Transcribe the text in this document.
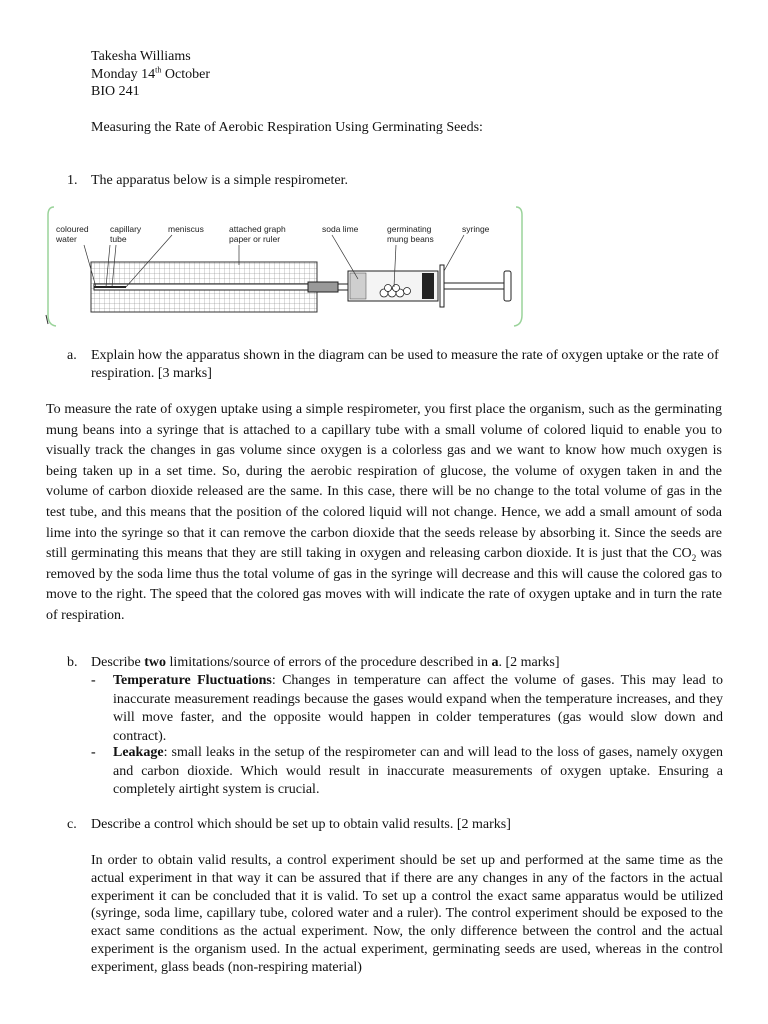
Takesha Williams
Monday 14th October
BIO 241
Measuring the Rate of Aerobic Respiration Using Germinating Seeds:
1. The apparatus below is a simple respirometer.
coloured
water
capillary
tube
meniscus	attached graph
paper or ruler
soda lime	germinating
mung beans
syringe
a. Explain how the apparatus shown in the diagram can be used to measure the rate of oxygen uptake or the rate of respiration. [3 marks]
To measure the rate of oxygen uptake using a simple respirometer, you first place the organism, such as the germinating mung beans into a syringe that is attached to a capillary tube with a small volume of colored liquid to enable you to visually track the changes in gas volume since oxygen is a colorless gas and we want to know how much oxygen is being taken up in a set time. So, during the aerobic respiration of glucose, the volume of oxygen taken in and the volume of carbon dioxide released are the same. In this case, there will be no change to the total volume of gas in the test tube, and this means that the position of the colored liquid will not change. Hence, we add a small amount of soda lime into the syringe so that it can remove the carbon dioxide that the seeds release by absorbing it. Since the seeds are still germinating this means that they are still taking in oxygen and releasing carbon dioxide. It is just that the $CO_2$ was removed by the soda lime thus the total volume of gas in the syringe will decrease and this will cause the colored gas to move to the right. The speed that the colored gas moves with will indicate the rate of oxygen uptake and in turn the rate of respiration.
b. Describe two limitations/source of errors of the procedure described in a. [2 marks]
- Temperature Fluctuations: Changes in temperature can affect the volume of gases. This may lead to inaccurate measurement readings because the gases would expand when the temperature increases, and they will move faster, and the opposite would happen in colder temperatures (gas would slow down and contract).
- Leakage: small leaks in the setup of the respirometer can and will lead to the loss of gases, namely oxygen and carbon dioxide. Which would result in inaccurate measurements of oxygen uptake. Ensuring a completely airtight system is crucial.
c. Describe a control which should be set up to obtain valid results. [2 marks]
In order to obtain valid results, a control experiment should be set up and performed at the same time as the actual experiment in that way it can be assured that if there are any changes in any of the factors in the actual experiment it can be concluded that it is valid. To set up a control the exact same apparatus would be utilized (syringe, soda lime, capillary tube, colored water and a ruler). The control experiment should be exposed to the exact same conditions as the actual experiment. Now, the only difference between the control and the actual experiment is the organism used. In the actual experiment, germinating seeds are used, whereas in the control experiment, glass beads (non-respiring material)
